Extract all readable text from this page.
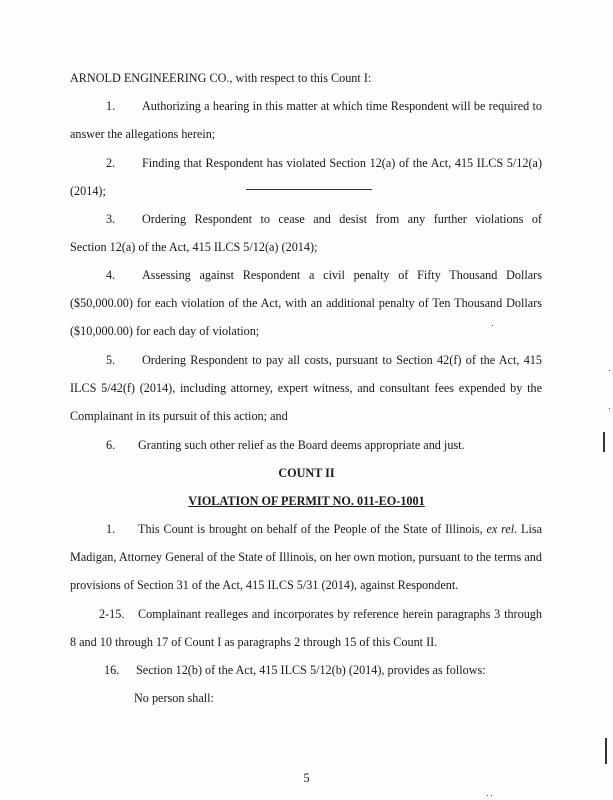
ARNOLD ENGINEERING CO., with respect to this Count I:

1. Authorizing a hearing in this matter at which time Respondent will be required to

answer the allegations herein;

2. Finding that Respondent has violated Section 12(a) of the Act, 415 ILCS 5/12(a)

(2014);

3. Ordering Respondent to cease and desist from any further violations of

Section 12(a) of the Act, 415 ILCS 5/12(a) (2014);

4. Assessing against Respondent a civil penalty of Fifty Thousand Dollars

($50,000.00) for each violation of the Act, with an additional penalty of Ten Thousand Dollars

($10,000.00) for each day of violation;

5. Ordering Respondent to pay all costs, pursuant to Section 42(f) of the Act, 415

ILCS 5/42(f) (2014), including attorney, expert witness, and consultant fees expended by the

Complainant in its pursuit of this action; and

6. Granting such other relief as the Board deems appropriate and just.

COUNT II

VIOLATION OF PERMIT NO. 011-EO-1001

1. This Count is brought on behalf of the People of the State of Illinois, ex rel. Lisa

Madigan, Attorney General of the State of Illinois, on her own motion, pursuant to the terms and

provisions of Section 31 of the Act, 415 ILCS 5/31 (2014), against Respondent.

2-15. Complainant realleges and incorporates by reference herein paragraphs 3 through

8 and 10 through 17 of Count I as paragraphs 2 through 15 of this Count II.

16. Section 12(b) of the Act, 415 ILCS 5/12(b) (2014), provides as follows:

No person shall:

5
